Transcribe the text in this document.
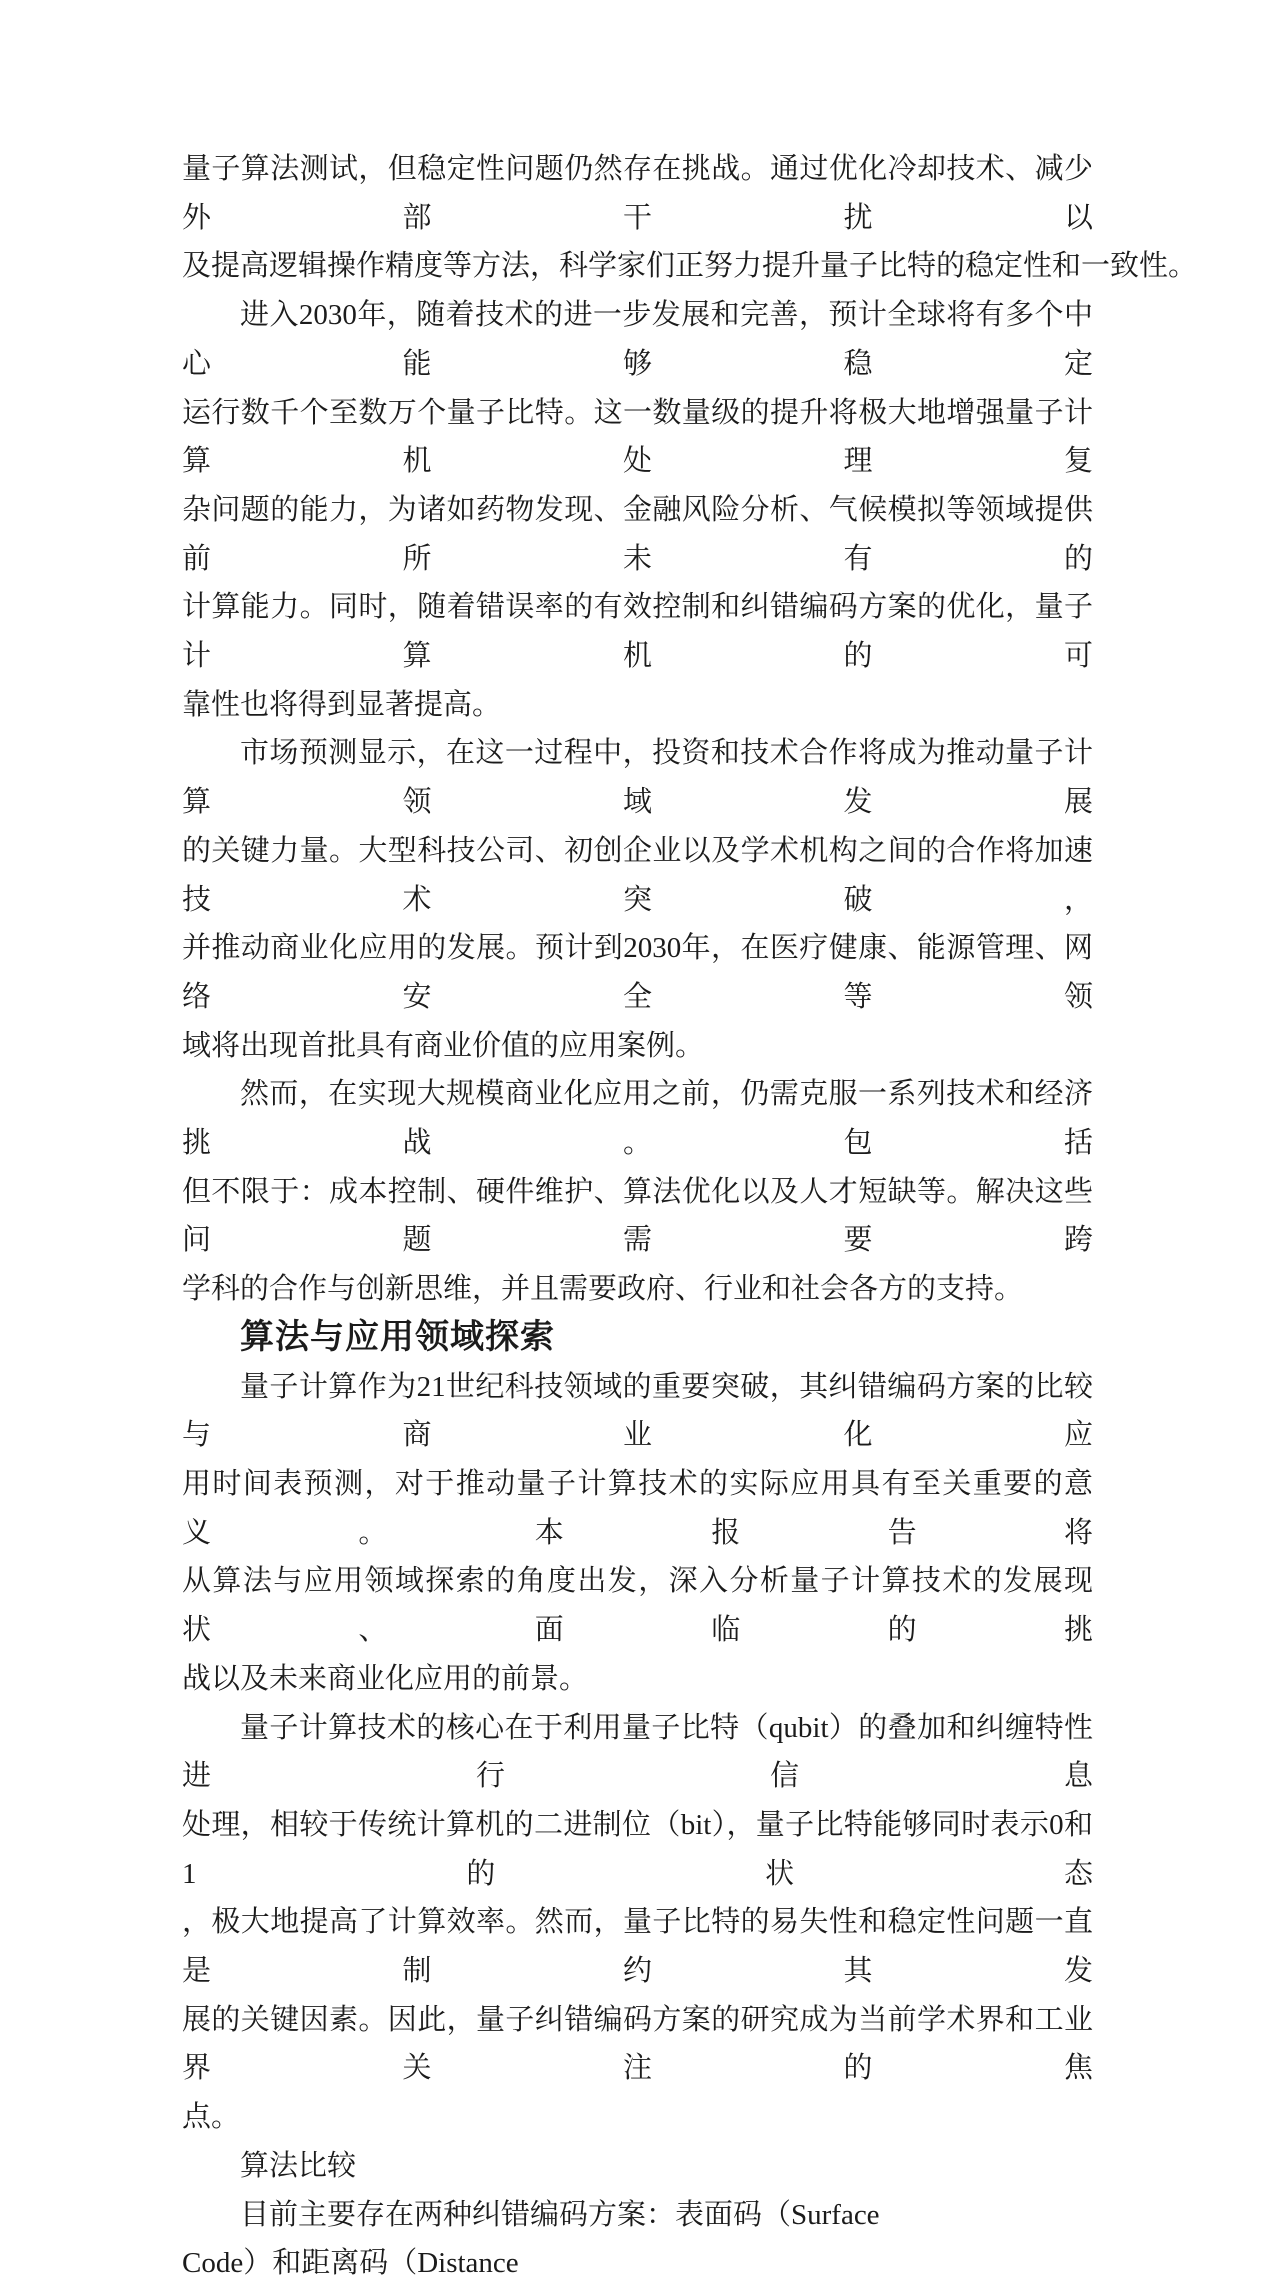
量子算法测试，但稳定性问题仍然存在挑战。通过优化冷却技术、减少外部干扰以
及提高逻辑操作精度等方法，科学家们正努力提升量子比特的稳定性和一致性。
进入2030年，随着技术的进一步发展和完善，预计全球将有多个中心能够稳定
运行数千个至数万个量子比特。这一数量级的提升将极大地增强量子计算机处理复
杂问题的能力，为诸如药物发现、金融风险分析、气候模拟等领域提供前所未有的
计算能力。同时，随着错误率的有效控制和纠错编码方案的优化，量子计算机的可
靠性也将得到显著提高。
市场预测显示，在这一过程中，投资和技术合作将成为推动量子计算领域发展
的关键力量。大型科技公司、初创企业以及学术机构之间的合作将加速技术突破，
并推动商业化应用的发展。预计到2030年，在医疗健康、能源管理、网络安全等领
域将出现首批具有商业价值的应用案例。
然而，在实现大规模商业化应用之前，仍需克服一系列技术和经济挑战。包括
但不限于：成本控制、硬件维护、算法优化以及人才短缺等。解决这些问题需要跨
学科的合作与创新思维，并且需要政府、行业和社会各方的支持。
算法与应用领域探索
量子计算作为21世纪科技领域的重要突破，其纠错编码方案的比较与商业化应
用时间表预测，对于推动量子计算技术的实际应用具有至关重要的意义。本报告将
从算法与应用领域探索的角度出发，深入分析量子计算技术的发展现状、面临的挑
战以及未来商业化应用的前景。
量子计算技术的核心在于利用量子比特（qubit）的叠加和纠缠特性进行信息
处理，相较于传统计算机的二进制位（bit），量子比特能够同时表示0和1的状态
，极大地提高了计算效率。然而，量子比特的易失性和稳定性问题一直是制约其发
展的关键因素。因此，量子纠错编码方案的研究成为当前学术界和工业界关注的焦
点。
算法比较
目前主要存在两种纠错编码方案：表面码（Surface
Code）和距离码（Distance
